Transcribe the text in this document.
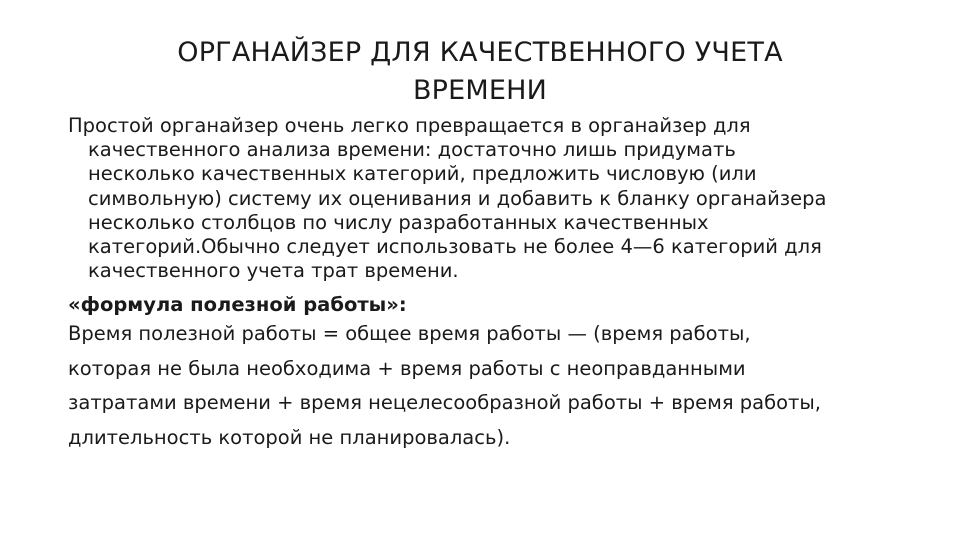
ОРГАНАЙЗЕР ДЛЯ КАЧЕСТВЕННОГО УЧЕТА
ВРЕМЕНИ

Простой органайзер очень легко превращается в органайзер для
качественного анализа времени: достаточно лишь придумать
несколько качественных категорий, предложить числовую (или
символьную) систему их оценивания и добавить к бланку органайзера
несколько столбцов по числу разработанных качественных
категорий.Обычно следует использовать не более 4—6 категорий для
качественного учета трат времени.

«формула полезной работы»:

Время полезной работы = общее время работы — (время работы,
которая не была необходима + время работы с неоправданными
затратами времени + время нецелесообразной работы + время работы,
длительность которой не планировалась).
